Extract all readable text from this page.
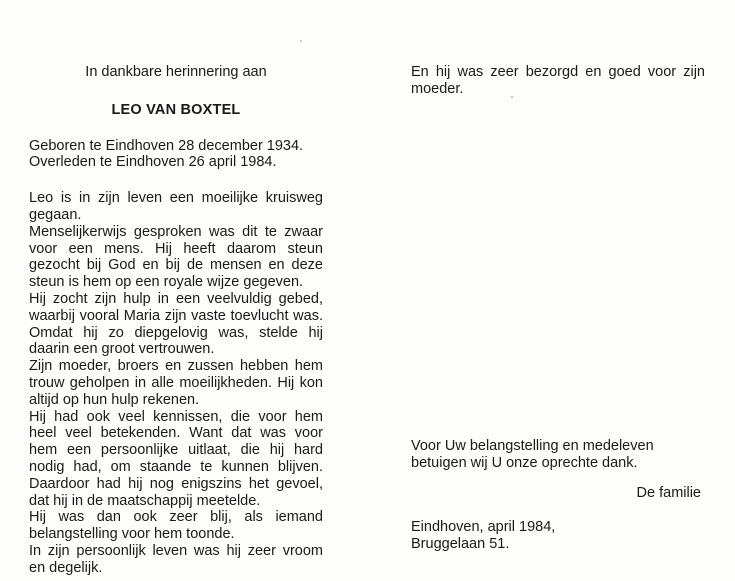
In dankbare herinnering aan
LEO VAN BOXTEL
Geboren te Eindhoven 28 december 1934.
Overleden te Eindhoven 26 april 1984.

Leo is in zijn leven een moeilijke kruisweg gegaan.

Menselijkerwijs gesproken was dit te zwaar voor een mens. Hij heeft daarom steun gezocht bij God en bij de mensen en deze steun is hem op een royale wijze gegeven.

Hij zocht zijn hulp in een veelvuldig gebed, waarbij vooral Maria zijn vaste toevlucht was. Omdat hij zo diepgelovig was, stelde hij daarin een groot vertrouwen.

Zijn moeder, broers en zussen hebben hem trouw geholpen in alle moeilijkheden. Hij kon altijd op hun hulp rekenen.

Hij had ook veel kennissen, die voor hem heel veel betekenden. Want dat was voor hem een persoonlijke uitlaat, die hij hard nodig had, om staande te kunnen blijven. Daardoor had hij nog enigszins het gevoel, dat hij in de maatschappij meetelde.

Hij was dan ook zeer blij, als iemand belangstelling voor hem toonde.

In zijn persoonlijk leven was hij zeer vroom en degelijk.

En hij was zeer bezorgd en goed voor zijn moeder.
Voor Uw belangstelling en medeleven betuigen wij U onze oprechte dank.
De familie
Eindhoven, april 1984,
Bruggelaan 51.
